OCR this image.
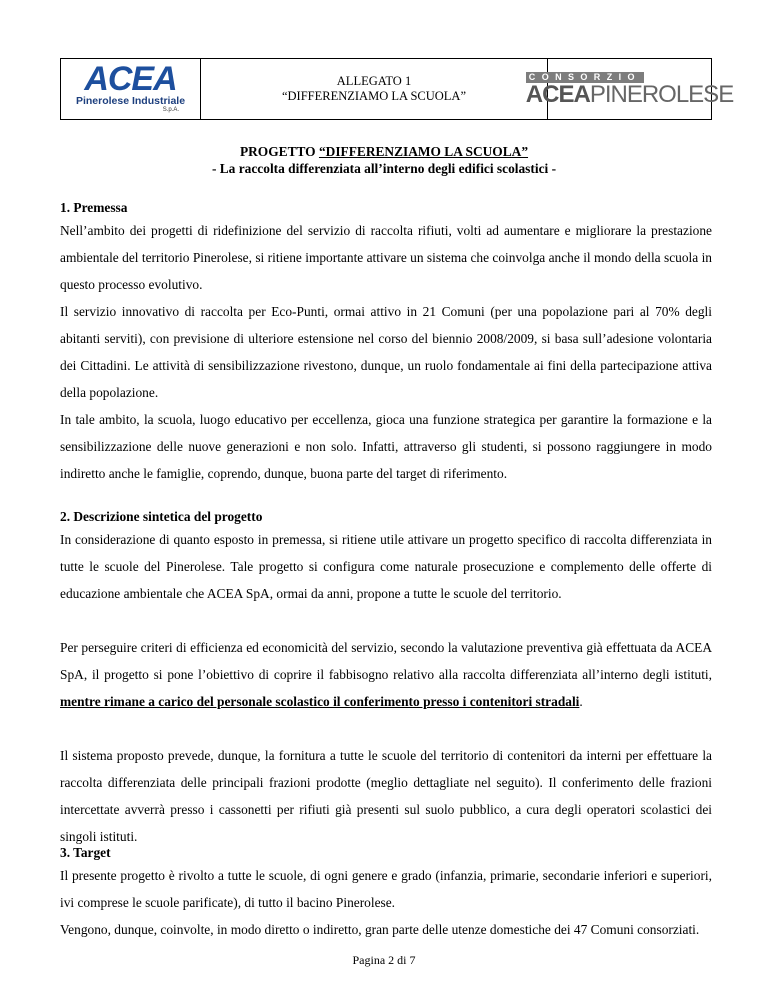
ACEA
Pinerolese Industriale
S.p.A.
ALLEGATO 1
“DIFFERENZIAMO LA SCUOLA”
CONSORZIO
ACEAPINEROLESE
PROGETTO “DIFFERENZIAMO LA SCUOLA”
- La raccolta differenziata all’interno degli edifici scolastici -
1. Premessa
Nell’ambito dei progetti di ridefinizione del servizio di raccolta rifiuti, volti ad aumentare e migliorare la prestazione ambientale del territorio Pinerolese, si ritiene importante attivare un sistema che coinvolga anche il mondo della scuola in questo processo evolutivo.
Il servizio innovativo di raccolta per Eco-Punti, ormai attivo in 21 Comuni (per una popolazione pari al 70% degli abitanti serviti), con previsione di ulteriore estensione nel corso del biennio 2008/2009, si basa sull’adesione volontaria dei Cittadini. Le attività di sensibilizzazione rivestono, dunque, un ruolo fondamentale ai fini della partecipazione attiva della popolazione.
In tale ambito, la scuola, luogo educativo per eccellenza, gioca una funzione strategica per garantire la formazione e la sensibilizzazione delle nuove generazioni e non solo. Infatti, attraverso gli studenti, si possono raggiungere in modo indiretto anche le famiglie, coprendo, dunque, buona parte del target di riferimento.
2. Descrizione sintetica del progetto
In considerazione di quanto esposto in premessa, si ritiene utile attivare un progetto specifico di raccolta differenziata in tutte le scuole del Pinerolese. Tale progetto si configura come naturale prosecuzione e complemento delle offerte di educazione ambientale che ACEA SpA, ormai da anni, propone a tutte le scuole del territorio.
Per perseguire criteri di efficienza ed economicità del servizio, secondo la valutazione preventiva già effettuata da ACEA SpA, il progetto si pone l’obiettivo di coprire il fabbisogno relativo alla raccolta differenziata all’interno degli istituti, mentre rimane a carico del personale scolastico il conferimento presso i contenitori stradali.
Il sistema proposto prevede, dunque, la fornitura a tutte le scuole del territorio di contenitori da interni per effettuare la raccolta differenziata delle principali frazioni prodotte (meglio dettagliate nel seguito). Il conferimento delle frazioni intercettate avverrà presso i cassonetti per rifiuti già presenti sul suolo pubblico, a cura degli operatori scolastici dei singoli istituti.
3. Target
Il presente progetto è rivolto a tutte le scuole, di ogni genere e grado (infanzia, primarie, secondarie inferiori e superiori, ivi comprese le scuole parificate), di tutto il bacino Pinerolese.
Vengono, dunque, coinvolte, in modo diretto o indiretto, gran parte delle utenze domestiche dei 47 Comuni consorziati.
Pagina 2 di 7
